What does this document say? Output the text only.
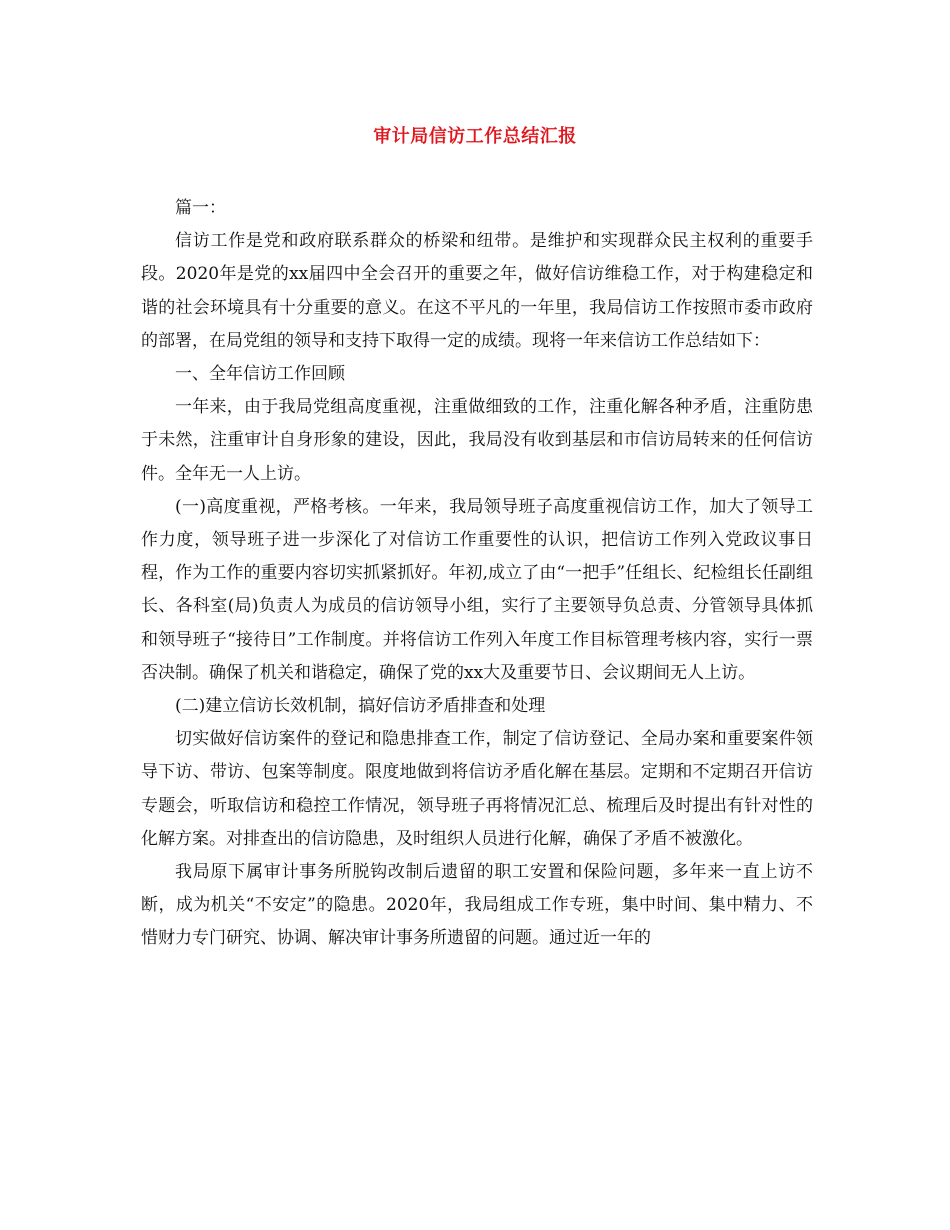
审计局信访工作总结汇报

篇一：

信访工作是党和政府联系群众的桥梁和纽带。是维护和实现群众民主权利的重要手段。2020年是党的xx届四中全会召开的重要之年，做好信访维稳工作，对于构建稳定和谐的社会环境具有十分重要的意义。在这不平凡的一年里，我局信访工作按照市委市政府的部署，在局党组的领导和支持下取得一定的成绩。现将一年来信访工作总结如下：

一、全年信访工作回顾

一年来，由于我局党组高度重视，注重做细致的工作，注重化解各种矛盾，注重防患于未然，注重审计自身形象的建设，因此，我局没有收到基层和市信访局转来的任何信访件。全年无一人上访。

(一)高度重视，严格考核。一年来，我局领导班子高度重视信访工作，加大了领导工作力度，领导班子进一步深化了对信访工作重要性的认识，把信访工作列入党政议事日程，作为工作的重要内容切实抓紧抓好。年初,成立了由“一把手”任组长、纪检组长任副组长、各科室(局)负责人为成员的信访领导小组，实行了主要领导负总责、分管领导具体抓和领导班子“接待日”工作制度。并将信访工作列入年度工作目标管理考核内容，实行一票否决制。确保了机关和谐稳定，确保了党的xx大及重要节日、会议期间无人上访。

(二)建立信访长效机制，搞好信访矛盾排查和处理

切实做好信访案件的登记和隐患排查工作，制定了信访登记、全局办案和重要案件领导下访、带访、包案等制度。限度地做到将信访矛盾化解在基层。定期和不定期召开信访专题会，听取信访和稳控工作情况，领导班子再将情况汇总、梳理后及时提出有针对性的化解方案。对排查出的信访隐患，及时组织人员进行化解，确保了矛盾不被激化。

我局原下属审计事务所脱钩改制后遗留的职工安置和保险问题，多年来一直上访不断，成为机关“不安定”的隐患。2020年，我局组成工作专班，集中时间、集中精力、不惜财力专门研究、协调、解决审计事务所遗留的问题。通过近一年的
